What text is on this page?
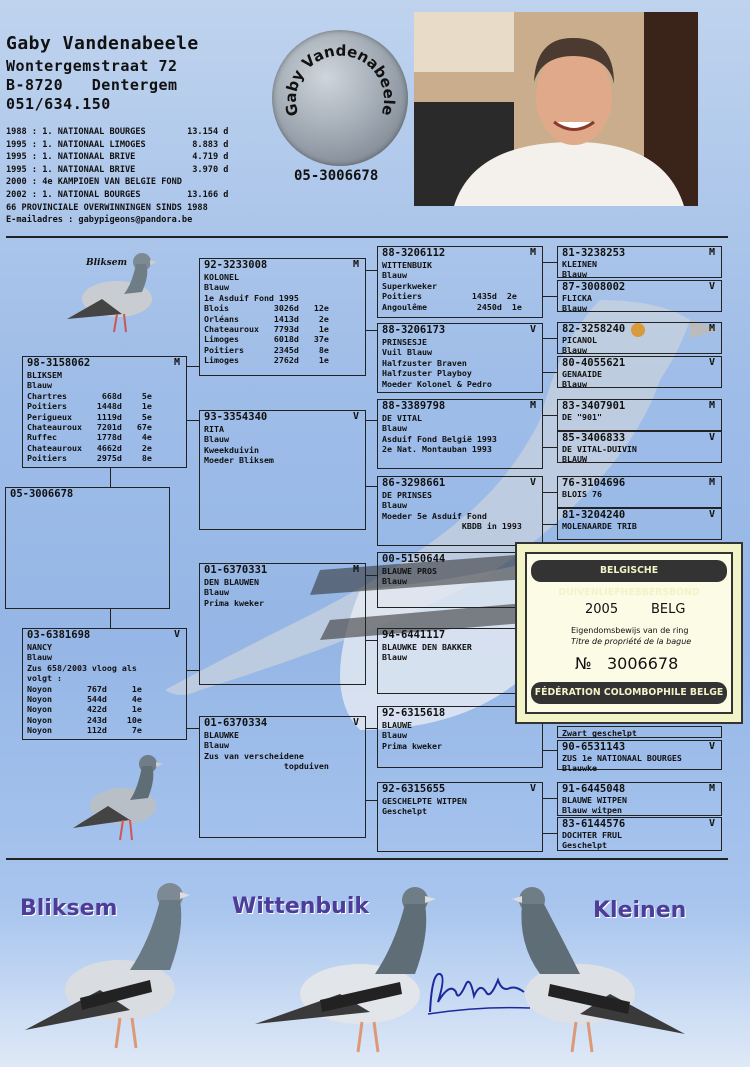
Gaby Vandenabeele
Wontergemstraat 72
B-8720   Dentergem
051/634.150
1988 : 1. NATIONAAL BOURGES        13.154 d
1995 : 1. NATIONAAL LIMOGES         8.883 d
1995 : 1. NATIONAAL BRIVE           4.719 d
1995 : 1. NATIONAAL BRIVE           3.970 d
2000 : 4e KAMPIOEN VAN BELGIE FOND
2002 : 1. NATIONAL BOURGES         13.166 d
66 PROVINCIALE OVERWINNINGEN SINDS 1988
E-mailadres : gabypigeons@pandora.be
Gaby Vandenabeele
05-3006678
05-3006678
98-3158062	M
BLIKSEM
Blauw
Chartres       668d    5e
Poitiers      1448d    1e
Perigueux     1119d    5e
Chateauroux   7201d   67e
Ruffec        1778d    4e
Chateauroux   4662d    2e
Poitiers      2975d    8e
03-6381698	V
NANCY
Blauw
Zus 658/2003 vloog als
volgt :
Noyon       767d     1e
Noyon       544d     4e
Noyon       422d     1e
Noyon       243d    10e
Noyon       112d     7e
92-3233008	M
KOLONEL
Blauw
1e Asduif Fond 1995
Blois         3026d   12e
Orléans       1413d    2e
Chateauroux   7793d    1e
Limoges       6018d   37e
Poitiers      2345d    8e
Limoges       2762d    1e
93-3354340	V
RITA
Blauw
Kweekduivin
Moeder Bliksem
01-6370331	M
DEN BLAUWEN
Blauw
Prima kweker
01-6370334	V
BLAUWKE
Blauw
Zus van verscheidene
topduiven
88-3206112	M
WITTENBUIK
Blauw
Superkweker
Poitiers          1435d  2e
Angoulême          2450d  1e
88-3206173	V
PRINSESJE
Vuil Blauw
Halfzuster Braven
Halfzuster Playboy
Moeder Kolonel & Pedro
88-3389798	M
DE VITAL
Blauw
Asduif Fond België 1993
2e Nat. Montauban 1993
86-3298661	V
DE PRINSES
Blauw
Moeder 5e Asduif Fond
KBDB in 1993
00-5150644
BLAUWE PROS
Blauw
94-6441117
BLAUWKE DEN BAKKER
Blauw
92-6315618
BLAUWE
Blauw
Prima kweker
92-6315655	V
GESCHELPTE WITPEN
Geschelpt
81-3238253	M
KLEINEN
Blauw
87-3008002	V
FLICKA
Blauw
82-3258240	M
PICANOL
Blauw
80-4055621	V
GENAAIDE
Blauw
83-3407901	M
DE "901"
85-3406833	V
DE VITAL-DUIVIN
BLAUW
76-3104696	M
BLOIS 76
81-3204240	V
MOLENAARDE TRIB
Zwart geschelpt
90-6531143	V
ZUS 1e NATIONAAL BOURGES
Blauwke
91-6445048	M
BLAUWE WITPEN
Blauw witpen
83-6144576	V
DOCHTER FRUL
Geschelpt
Bliksem
BELGISCHE DUIVENLIEFHEBBERSBOND
2005	BELG
Eigendomsbewijs van de ring
Titre de propriété de la bague
№ 3006678
FÉDÉRATION COLOMBOPHILE BELGE
Bliksem	Wittenbuik	Kleinen
